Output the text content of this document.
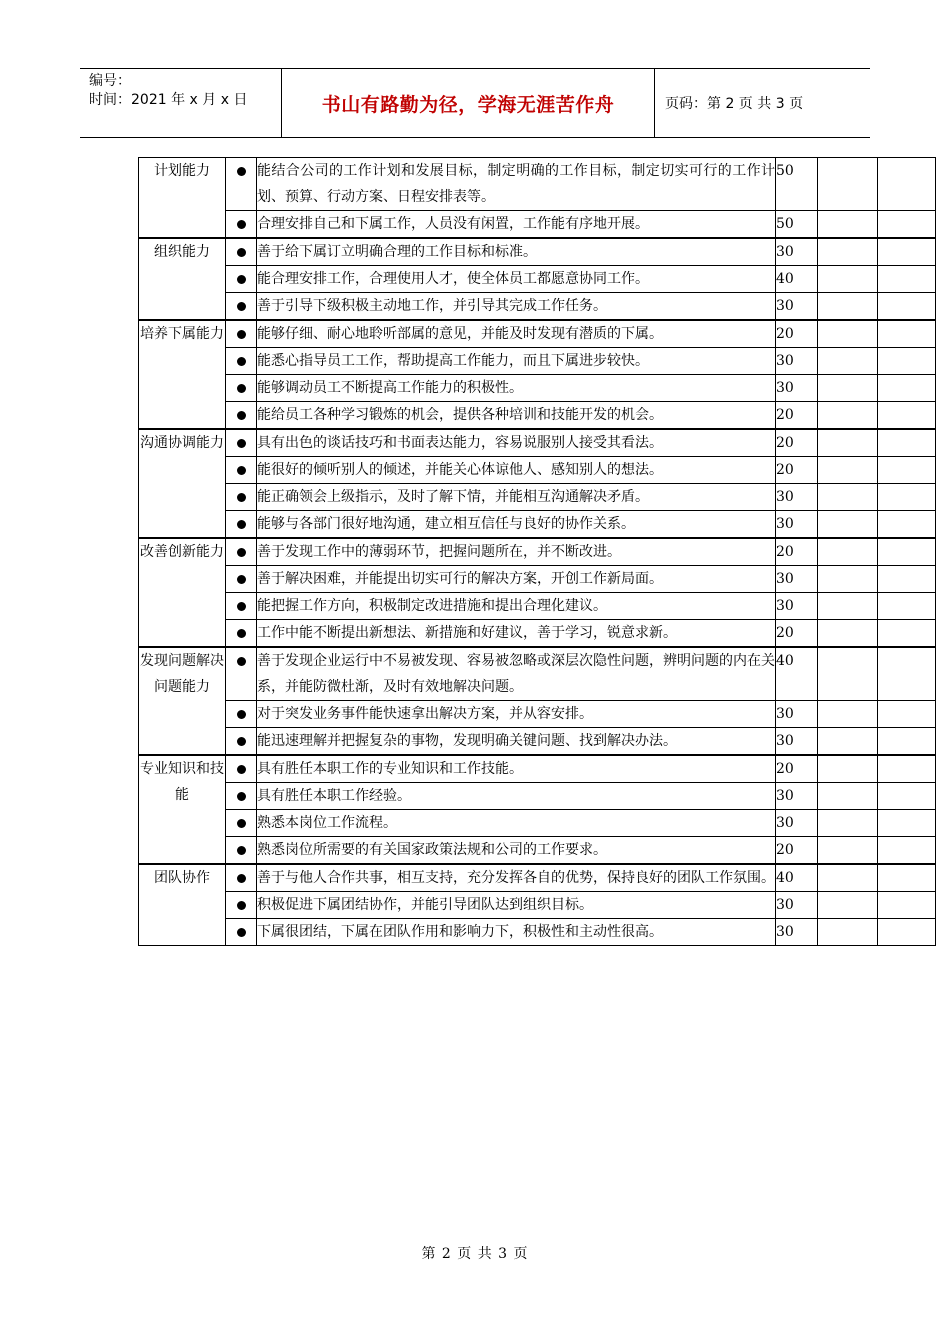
编号：
时间：2021 年 x 月 x 日	书山有路勤为径，学海无涯苦作舟	页码：第 2 页 共 3 页
计划能力		能结合公司的工作计划和发展目标，制定明确的工作目标，制定切实可行的工作计划、预算、行动方案、日程安排表等。	50		
		合理安排自己和下属工作，人员没有闲置，工作能有序地开展。	50		
组织能力		善于给下属订立明确合理的工作目标和标准。	30		
		能合理安排工作，合理使用人才，使全体员工都愿意协同工作。	40		
		善于引导下级积极主动地工作，并引导其完成工作任务。	30		
培养下属能力		能够仔细、耐心地聆听部属的意见，并能及时发现有潜质的下属。	20		
		能悉心指导员工工作，帮助提高工作能力，而且下属进步较快。	30		
		能够调动员工不断提高工作能力的积极性。	30		
		能给员工各种学习锻炼的机会，提供各种培训和技能开发的机会。	20		
沟通协调能力		具有出色的谈话技巧和书面表达能力，容易说服别人接受其看法。	20		
		能很好的倾听别人的倾述，并能关心体谅他人、感知别人的想法。	20		
		能正确领会上级指示，及时了解下情，并能相互沟通解决矛盾。	30		
		能够与各部门很好地沟通，建立相互信任与良好的协作关系。	30		
改善创新能力		善于发现工作中的薄弱环节，把握问题所在，并不断改进。	20		
		善于解决困难，并能提出切实可行的解决方案，开创工作新局面。	30		
		能把握工作方向，积极制定改进措施和提出合理化建议。	30		
		工作中能不断提出新想法、新措施和好建议，善于学习，锐意求新。	20		
发现问题解决问题能力		善于发现企业运行中不易被发现、容易被忽略或深层次隐性问题，辨明问题的内在关系，并能防微杜渐，及时有效地解决问题。	40		
		对于突发业务事件能快速拿出解决方案，并从容安排。	30		
		能迅速理解并把握复杂的事物，发现明确关键问题、找到解决办法。	30		
专业知识和技能		具有胜任本职工作的专业知识和工作技能。	20		
		具有胜任本职工作经验。	30		
		熟悉本岗位工作流程。	30		
		熟悉岗位所需要的有关国家政策法规和公司的工作要求。	20		
团队协作		善于与他人合作共事，相互支持，充分发挥各自的优势，保持良好的团队工作氛围。	40		
		积极促进下属团结协作，并能引导团队达到组织目标。	30		
		下属很团结，下属在团队作用和影响力下，积极性和主动性很高。	30		
第 2 页 共 3 页
